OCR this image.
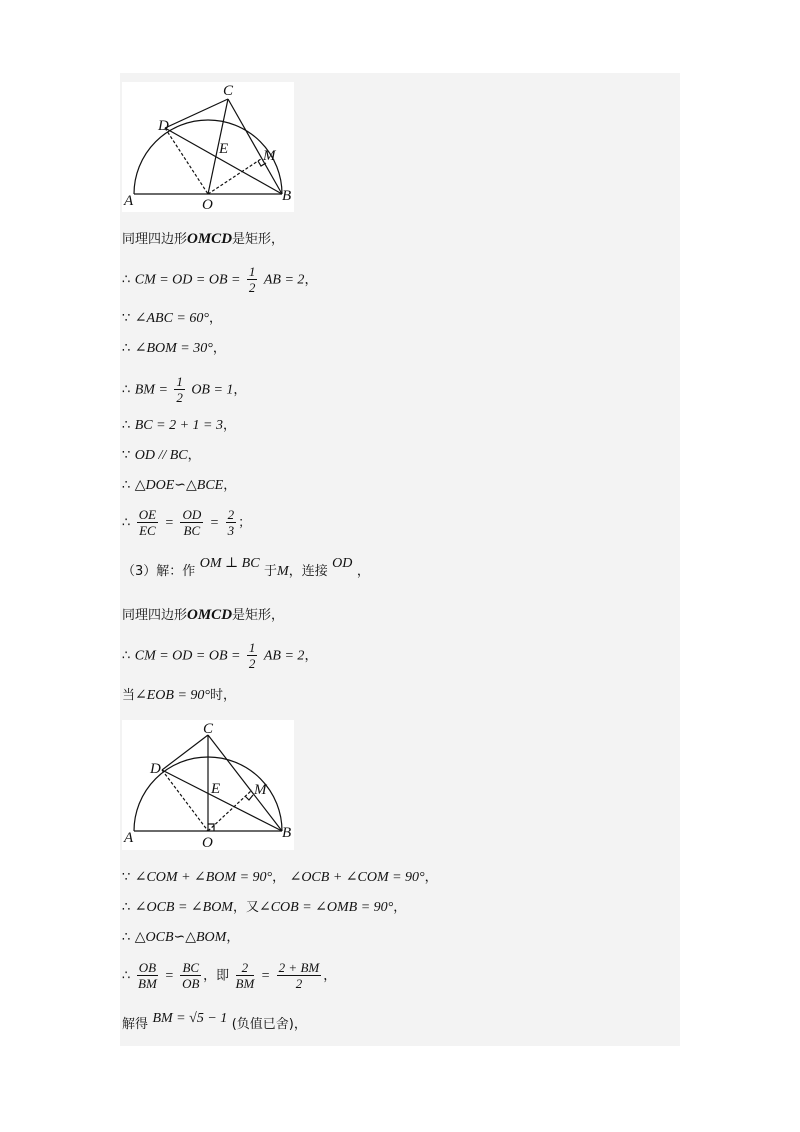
A	O
B
C
D
E M
同理四边形OMCD是矩形，
∴ CM = OD = OB = $\frac{1}{2}$ AB = 2，
∵ ∠ABC = 60°，
∴ ∠BOM = 30°，
∴ BM = $\frac{1}{2}$ OB = 1，
∴ BC = 2 + 1 = 3，
∵ OD // BC，
∴ △DOE∽△BCE，
∴ $\frac{OE}{EC} = \frac{OD}{BC} = \frac{2}{3}$ ；
（3）解：作 OM ⊥ BC 于M，连接 OD ，
同理四边形OMCD是矩形，
∴ CM = OD = OB = $\frac{1}{2}$ AB = 2，
当∠EOB = 90°时，
A	O
B
C
D
E M
∵ ∠COM + ∠BOM = 90°， ∠OCB + ∠COM = 90°，
∴ ∠OCB = ∠BOM，又∠COB = ∠OMB = 90°，
∴ △OCB∽△BOM，
∴ $\frac{OB}{BM} = \frac{BC}{OB}$ ，即 $\frac{2}{BM} = \frac{2 + BM}{2}$ ，
解得 BM = √5 − 1 (负值已舍)，
